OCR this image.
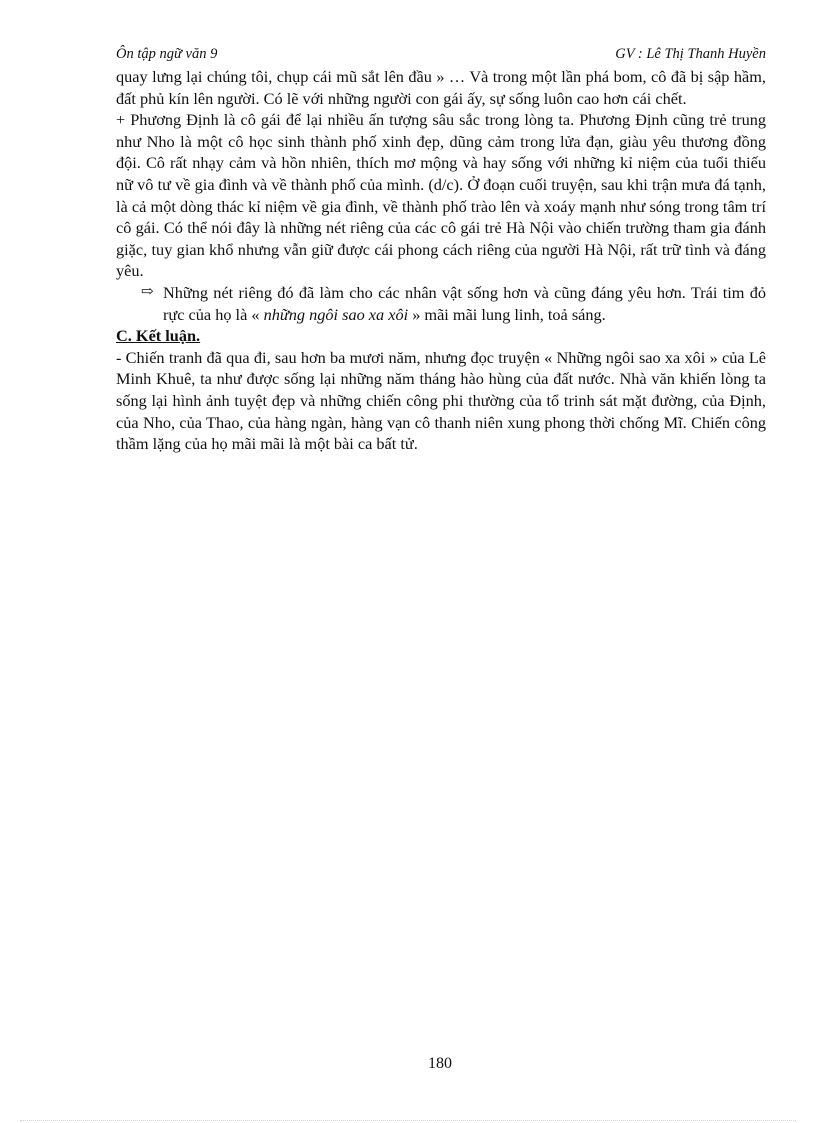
Ôn tập ngữ văn 9	GV : Lê Thị Thanh Huyền

quay lưng lại chúng tôi, chụp cái mũ sắt lên đầu » … Và trong một lần phá bom, cô đã bị sập hầm, đất phủ kín lên người. Có lẽ với những người con gái ấy, sự sống luôn cao hơn cái chết.

+ Phương Định là cô gái để lại nhiều ấn tượng sâu sắc trong lòng ta. Phương Định cũng trẻ trung như Nho là một cô học sinh thành phố xinh đẹp, dũng cảm trong lửa đạn, giàu yêu thương đồng đội. Cô rất nhạy cảm và hồn nhiên, thích mơ mộng và hay sống với những kỉ niệm của tuổi thiếu nữ vô tư về gia đình và về thành phố của mình. (d/c). Ở đoạn cuối truyện, sau khi trận mưa đá tạnh, là cả một dòng thác kỉ niệm về gia đình, về thành phố trào lên và xoáy mạnh như sóng trong tâm trí cô gái. Có thể nói đây là những nét riêng của các cô gái trẻ Hà Nội vào chiến trường tham gia đánh giặc, tuy gian khổ nhưng vẫn giữ được cái phong cách riêng của người Hà Nội, rất trữ tình và đáng yêu.

⇨ Những nét riêng đó đã làm cho các nhân vật sống hơn và cũng đáng yêu hơn. Trái tim đỏ rực của họ là « những ngôi sao xa xôi » mãi mãi lung linh, toả sáng.

C. Kết luận.

- Chiến tranh đã qua đi, sau hơn ba mươi năm, nhưng đọc truyện « Những ngôi sao xa xôi » của Lê Minh Khuê, ta như được sống lại những năm tháng hào hùng của đất nước. Nhà văn khiến lòng ta sống lại hình ảnh tuyệt đẹp và những chiến công phi thường của tổ trinh sát mặt đường, của Định, của Nho, của Thao, của hàng ngàn, hàng vạn cô thanh niên xung phong thời chống Mĩ. Chiến công thầm lặng của họ mãi mãi là một bài ca bất tử.

180
